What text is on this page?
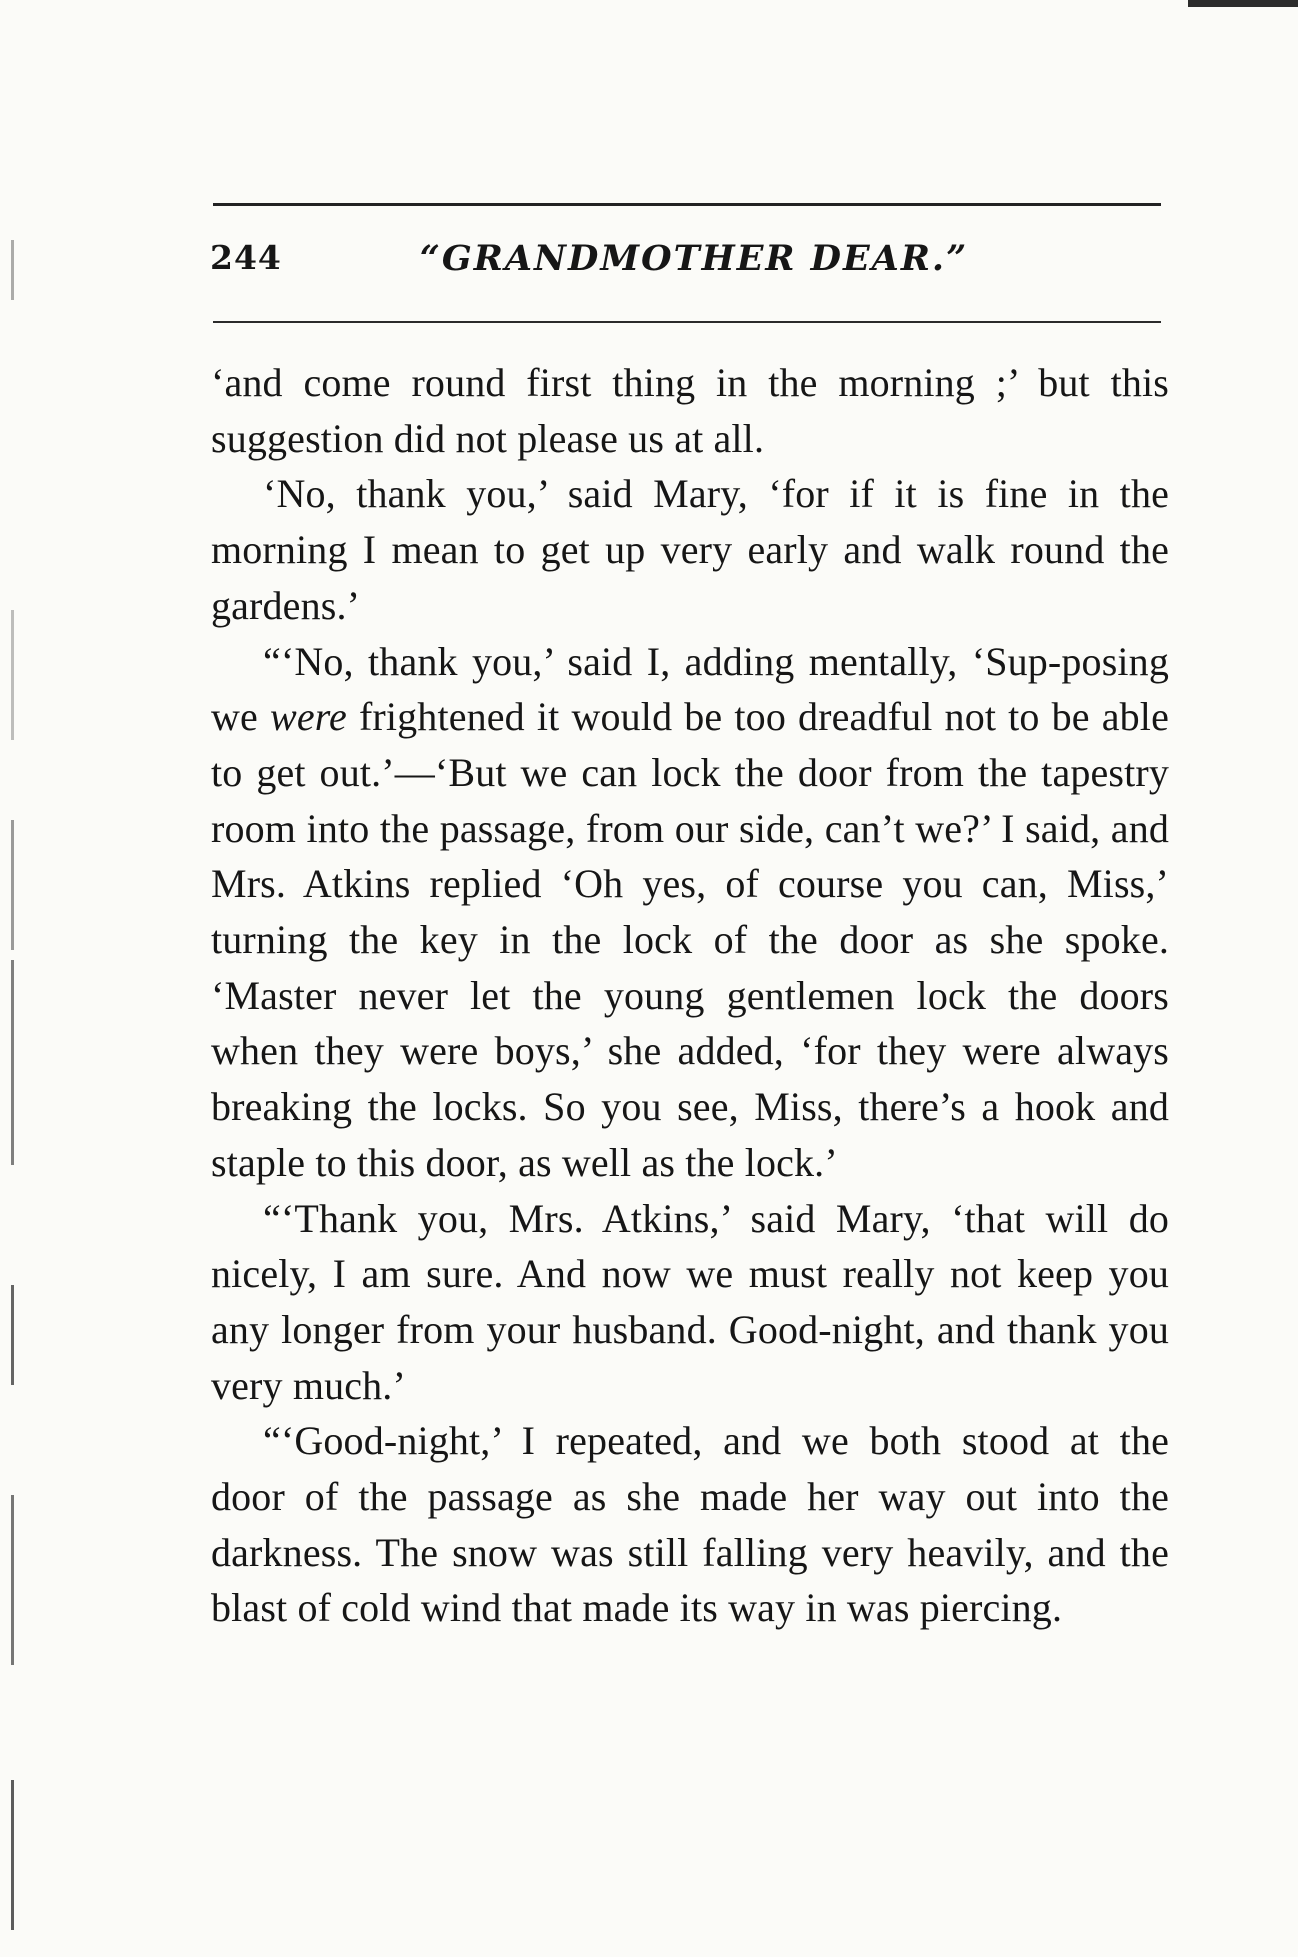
244	“GRANDMOTHER DEAR.”

‘and come round first thing in the morning ;’ but this suggestion did not please us at all.

‘No, thank you,’ said Mary, ‘for if it is fine in the morning I mean to get up very early and walk round the gardens.’

“‘No, thank you,’ said I, adding mentally, ‘Sup-posing we were frightened it would be too dreadful not to be able to get out.’—‘But we can lock the door from the tapestry room into the passage, from our side, can’t we?’ I said, and Mrs. Atkins replied ‘Oh yes, of course you can, Miss,’ turning the key in the lock of the door as she spoke. ‘Master never let the young gentlemen lock the doors when they were boys,’ she added, ‘for they were always breaking the locks. So you see, Miss, there’s a hook and staple to this door, as well as the lock.’

“‘Thank you, Mrs. Atkins,’ said Mary, ‘that will do nicely, I am sure. And now we must really not keep you any longer from your husband. Good-night, and thank you very much.’

“‘Good-night,’ I repeated, and we both stood at the door of the passage as she made her way out into the darkness. The snow was still falling very heavily, and the blast of cold wind that made its way in was piercing.
